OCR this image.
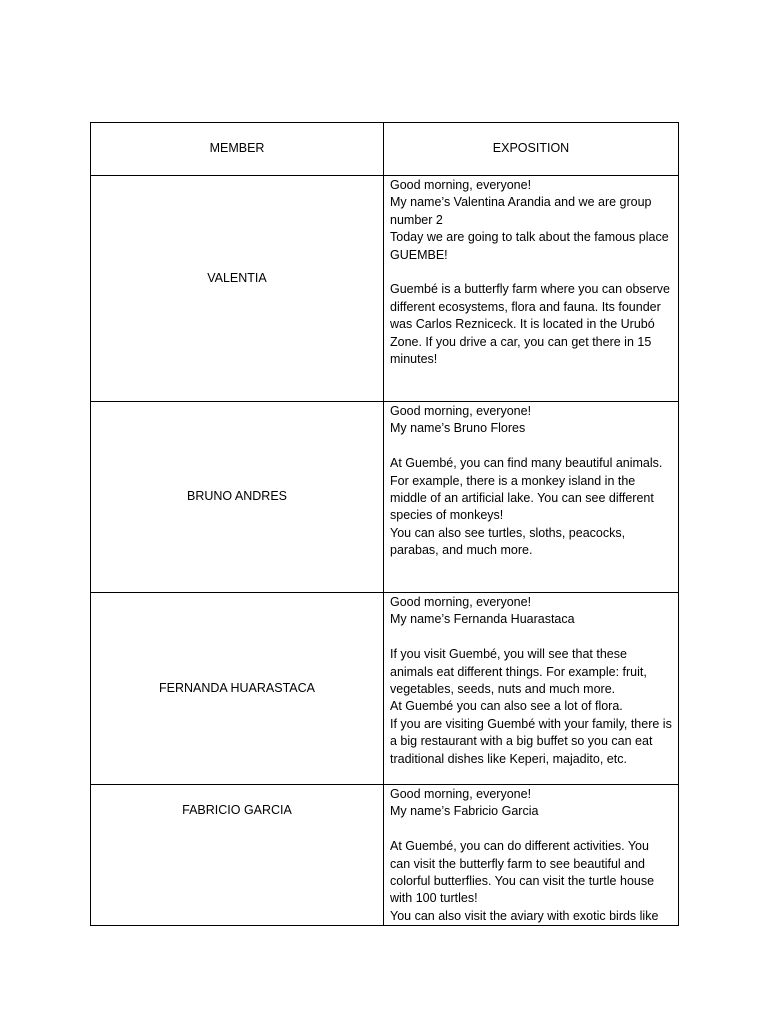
MEMBER	EXPOSITION
VALENTIA	Good morning, everyone!
My name’s Valentina Arandia and we are group number 2
Today we are going to talk about the famous place GUEMBE!
Guembé is a butterfly farm where you can observe different ecosystems, flora and fauna. Its founder was Carlos Rezniceck. It is located in the Urubó Zone. If you drive a car, you can get there in 15 minutes!

BRUNO ANDRES	Good morning, everyone!
My name’s Bruno Flores
At Guembé, you can find many beautiful animals. For example, there is a monkey island in the middle of an artificial lake. You can see different species of monkeys!
You can also see turtles, sloths, peacocks, parabas, and much more.

FERNANDA HUARASTACA	Good morning, everyone!
My name’s Fernanda Huarastaca
If you visit Guembé, you will see that these animals eat different things. For example: fruit, vegetables, seeds, nuts and much more.
At Guembé you can also see a lot of flora.
If you are visiting Guembé with your family, there is a big restaurant with a big buffet so you can eat traditional dishes like Keperi, majadito, etc.

FABRICIO GARCIA	Good morning, everyone!
My name’s Fabricio Garcia
At Guembé, you can do different activities. You can visit the butterfly farm to see beautiful and colorful butterflies. You can visit the turtle house with 100 turtles!
You can also visit the aviary with exotic birds like
